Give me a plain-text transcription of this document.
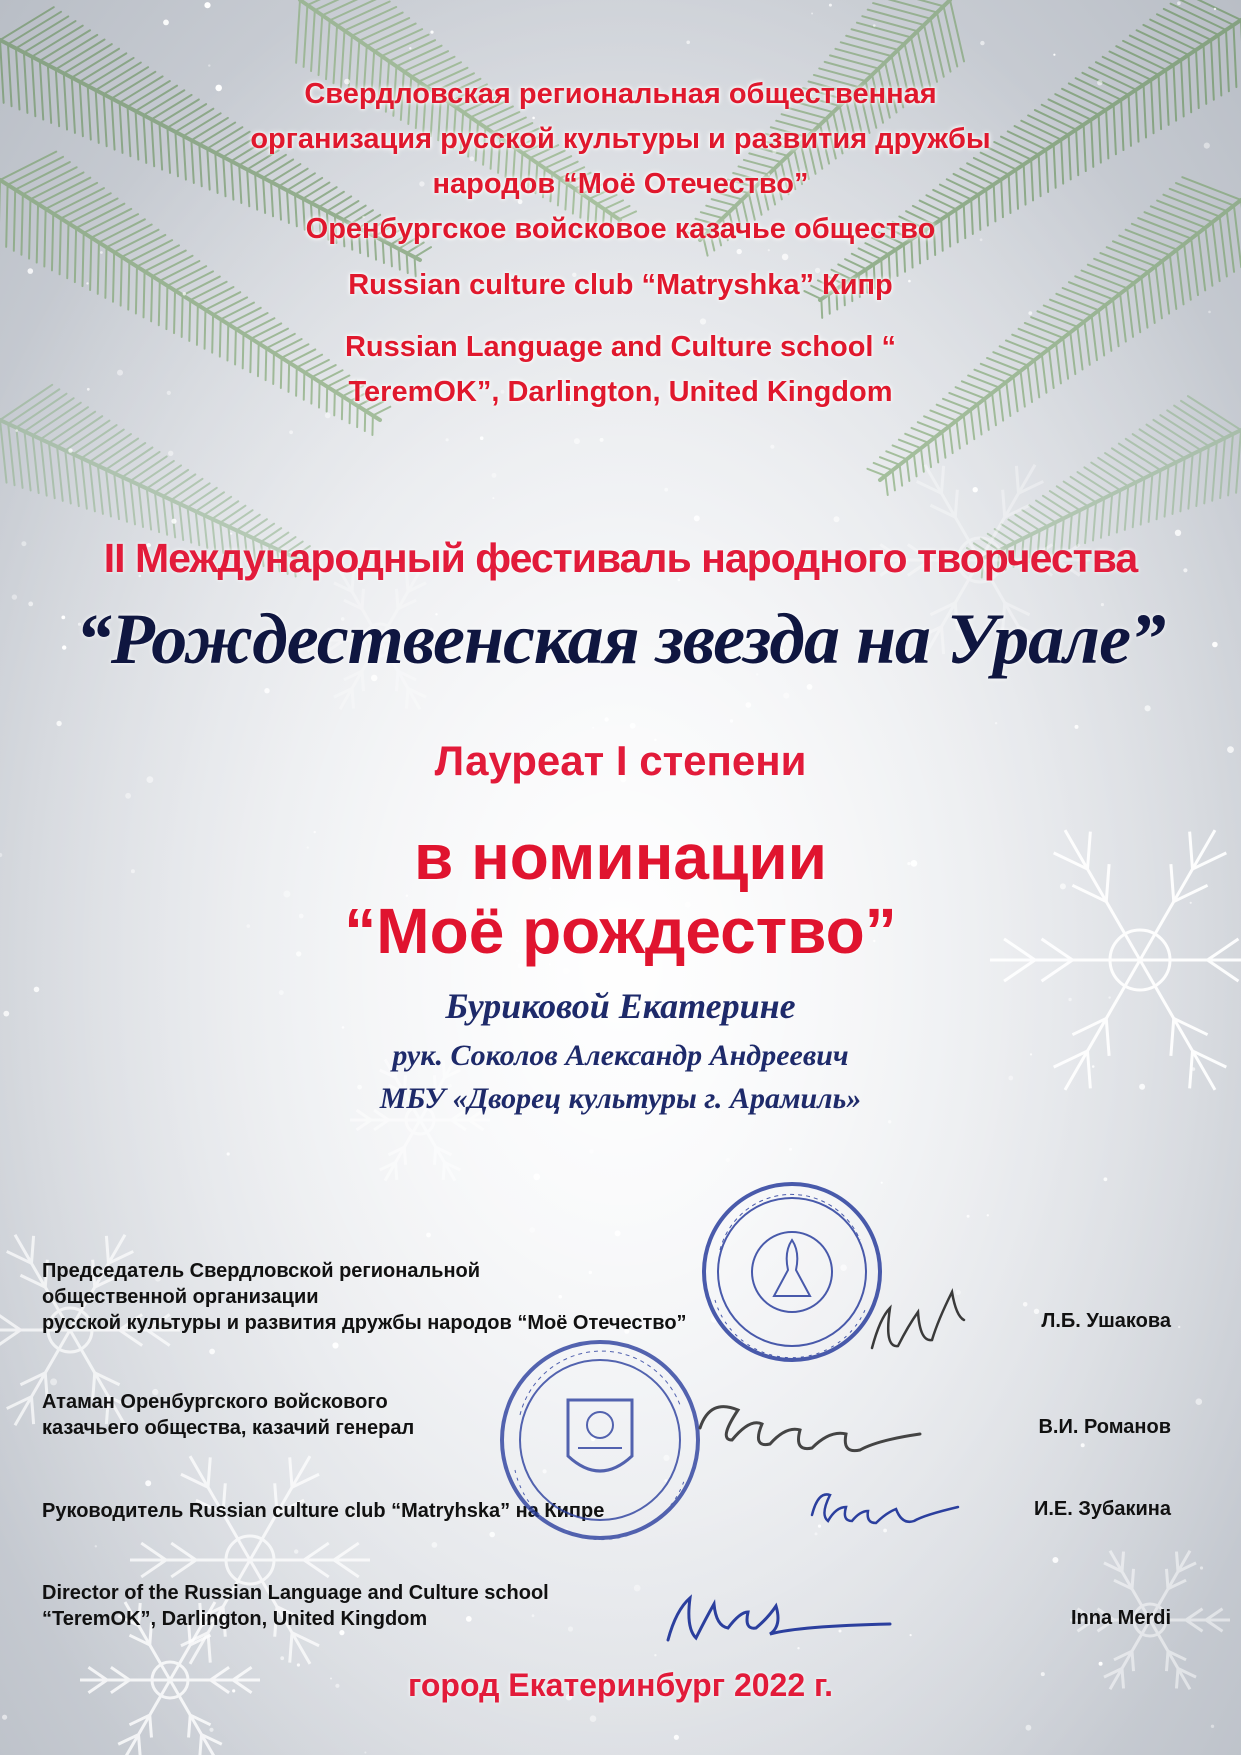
Свердловская региональная общественная
организация русской культуры и развития дружбы
народов “Моё Отечество”
Оренбургское войсковое казачье общество
Russian culture club “Matryshka” Кипр
Russian Language and Culture school “
TeremOK”, Darlington, United Kingdom
II Международный фестиваль народного творчества
“Рождественская звезда на Урале”
Лауреат I степени
в номинации
“Моё рождество”
Буриковой Екатерине
рук. Соколов Александр Андреевич
МБУ «Дворец культуры г. Арамиль»
Председатель Свердловской региональной
общественной организации
русской культуры и развития дружбы народов “Моё Отечество”	Л.Б. Ушакова
Атаман Оренбургского войскового
казачьего общества, казачий генерал	В.И. Романов
Руководитель Russian culture club “Matryhska” на Кипре	И.Е. Зубакина
Director of the Russian Language and Culture school
“TeremOK”, Darlington, United Kingdom	Inna Merdi
город Екатеринбург 2022 г.
